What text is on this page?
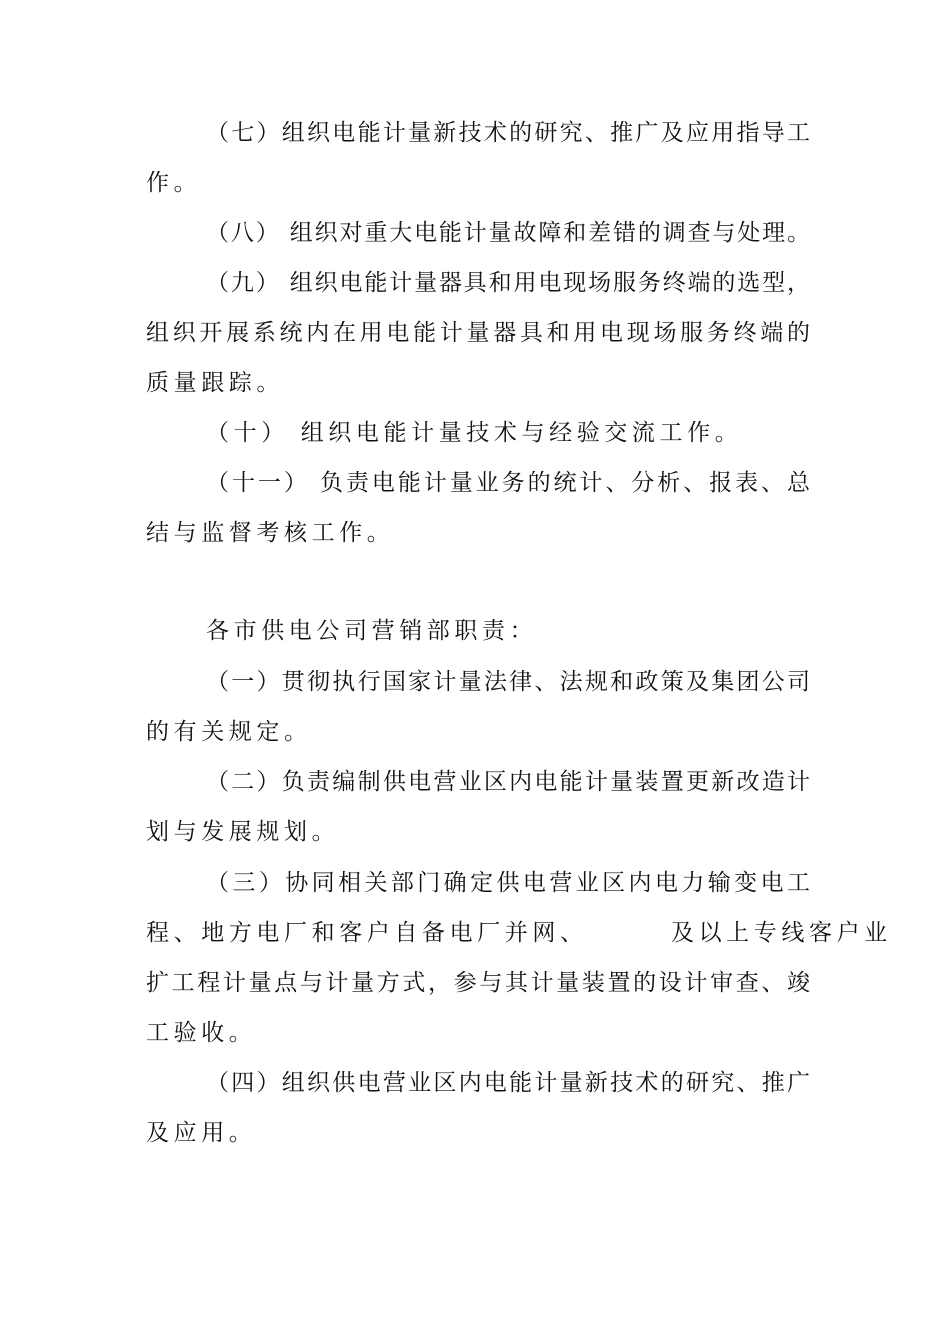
（七）组织电能计量新技术的研究、推广及应用指导工
作。
（八） 组织对重大电能计量故障和差错的调查与处理。
（九） 组织电能计量器具和用电现场服务终端的选型，
组织开展系统内在用电能计量器具和用电现场服务终端的
质量跟踪。
（十） 组织电能计量技术与经验交流工作。
（十一） 负责电能计量业务的统计、分析、报表、总
结与监督考核工作。
各市供电公司营销部职责：
（一）贯彻执行国家计量法律、法规和政策及集团公司
的有关规定。
（二）负责编制供电营业区内电能计量装置更新改造计
划与发展规划。
（三）协同相关部门确定供电营业区内电力输变电工
程、地方电厂和客户自备电厂并网、       及以上专线客户业
扩工程计量点与计量方式，参与其计量装置的设计审查、竣
工验收。
（四）组织供电营业区内电能计量新技术的研究、推广
及应用。
